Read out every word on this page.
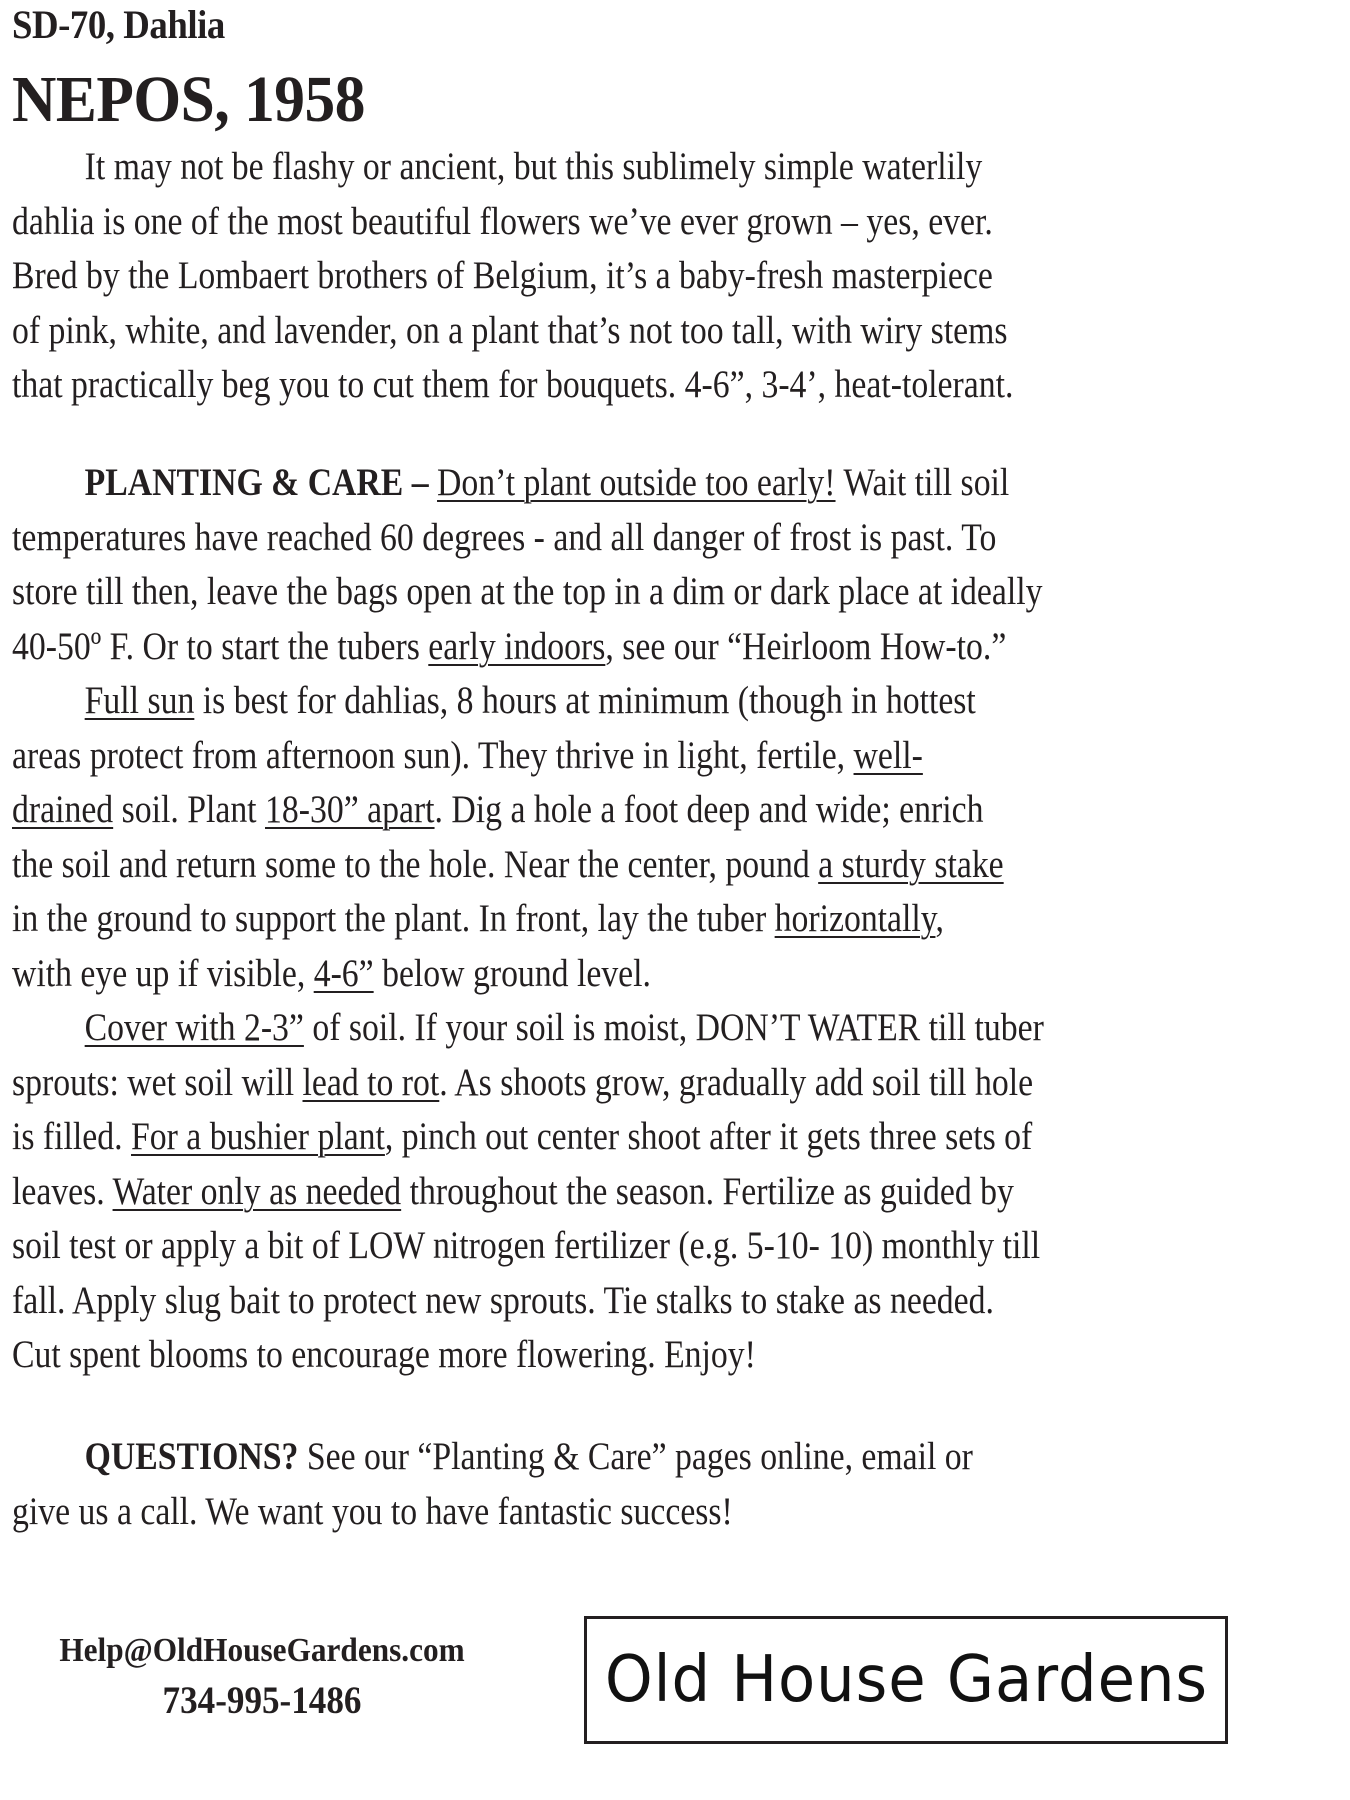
SD-70, Dahlia
NEPOS, 1958
It may not be flashy or ancient, but this sublimely simple waterlily
dahlia is one of the most beautiful flowers we’ve ever grown – yes, ever.
Bred by the Lombaert brothers of Belgium, it’s a baby-fresh masterpiece
of pink, white, and lavender, on a plant that’s not too tall, with wiry stems
that practically beg you to cut them for bouquets. 4-6”, 3-4’, heat-tolerant.
PLANTING & CARE – Don’t plant outside too early! Wait till soil
temperatures have reached 60 degrees - and all danger of frost is past. To
store till then, leave the bags open at the top in a dim or dark place at ideally
40-50º F. Or to start the tubers early indoors, see our “Heirloom How-to.”
Full sun is best for dahlias, 8 hours at minimum (though in hottest
areas protect from afternoon sun). They thrive in light, fertile, well-
drained soil. Plant 18-30” apart. Dig a hole a foot deep and wide; enrich
the soil and return some to the hole. Near the center, pound a sturdy stake
in the ground to support the plant. In front, lay the tuber horizontally,
with eye up if visible, 4-6” below ground level.
Cover with 2-3” of soil. If your soil is moist, DON’T WATER till tuber
sprouts: wet soil will lead to rot. As shoots grow, gradually add soil till hole
is filled. For a bushier plant, pinch out center shoot after it gets three sets of
leaves. Water only as needed throughout the season. Fertilize as guided by
soil test or apply a bit of LOW nitrogen fertilizer (e.g. 5-10- 10) monthly till
fall. Apply slug bait to protect new sprouts. Tie stalks to stake as needed.
Cut spent blooms to encourage more flowering. Enjoy!
QUESTIONS? See our “Planting & Care” pages online, email or
give us a call. We want you to have fantastic success!
Help@OldHouseGardens.com
734-995-1486	Old House Gardens
